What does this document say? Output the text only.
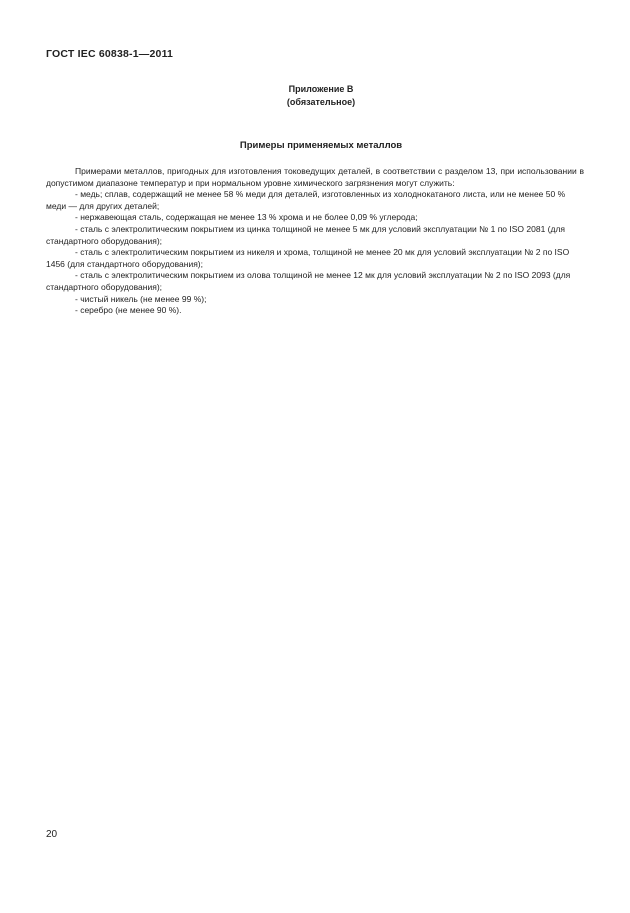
ГОСТ IEC 60838-1—2011
Приложение В
(обязательное)
Примеры применяемых металлов

Примерами металлов, пригодных для изготовления токоведущих деталей, в соответствии с разделом 13, при использовании в допустимом диапазоне температур и при нормальном уровне химического загрязнения могут служить:

- медь; сплав, содержащий не менее 58 % меди для деталей, изготовленных из холоднокатаного листа, или не менее 50 % меди — для других деталей;

- нержавеющая сталь, содержащая не менее 13 % хрома и не более 0,09 % углерода;

- сталь с электролитическим покрытием из цинка толщиной не менее 5 мк для условий эксплуатации № 1 по ISO 2081 (для стандартного оборудования);

- сталь с электролитическим покрытием из никеля и хрома, толщиной не менее 20 мк для условий эксплуатации № 2 по ISO 1456 (для стандартного оборудования);

- сталь с электролитическим покрытием из олова толщиной не менее 12 мк для условий эксплуатации № 2 по ISO 2093 (для стандартного оборудования);

- чистый никель (не менее 99 %);

- серебро (не менее 90 %).

20
